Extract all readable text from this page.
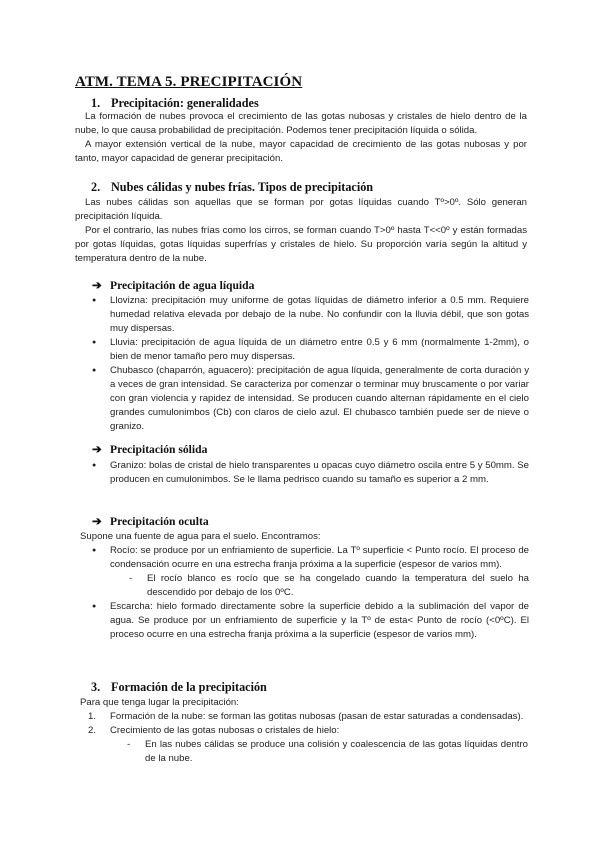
ATM. TEMA 5. PRECIPITACIÓN
1. Precipitación: generalidades

La formación de nubes provoca el crecimiento de las gotas nubosas y cristales de hielo dentro de la nube, lo que causa probabilidad de precipitación. Podemos tener precipitación líquida o sólida.

A mayor extensión vertical de la nube, mayor capacidad de crecimiento de las gotas nubosas y por tanto, mayor capacidad de generar precipitación.

2. Nubes cálidas y nubes frías. Tipos de precipitación

Las nubes cálidas son aquellas que se forman por gotas líquidas cuando Tº>0º. Sólo generan precipitación líquida.

Por el contrario, las nubes frías como los cirros, se forman cuando T>0º hasta T<<0º y están formadas por gotas líquidas, gotas líquidas superfrías y cristales de hielo. Su proporción varía según la altitud y temperatura dentro de la nube.

➔ Precipitación de agua líquida
● Llovizna: precipitación muy uniforme de gotas líquidas de diámetro inferior a 0.5 mm. Requiere humedad relativa elevada por debajo de la nube. No confundir con la lluvia débil, que son gotas muy dispersas.
● Lluvia: precipitación de agua líquida de un diámetro entre 0.5 y 6 mm (normalmente 1-2mm), o bien de menor tamaño pero muy dispersas.
● Chubasco (chaparrón, aguacero): precipitación de agua líquida, generalmente de corta duración y a veces de gran intensidad. Se caracteriza por comenzar o terminar muy bruscamente o por variar con gran violencia y rapidez de intensidad. Se producen cuando alternan rápidamente en el cielo grandes cumulonimbos (Cb) con claros de cielo azul. El chubasco también puede ser de nieve o granizo.
➔ Precipitación sólida
● Granizo: bolas de cristal de hielo transparentes u opacas cuyo diámetro oscila entre 5 y 50mm. Se producen en cumulonimbos. Se le llama pedrisco cuando su tamaño es superior a 2 mm.
➔ Precipitación oculta
Supone una fuente de agua para el suelo. Encontramos:
● Rocío: se produce por un enfriamiento de superficie. La Tº superficie < Punto rocío. El proceso de condensación ocurre en una estrecha franja próxima a la superficie (espesor de varios mm).
- El rocío blanco es rocío que se ha congelado cuando la temperatura del suelo ha descendido por debajo de los 0ºC.
● Escarcha: hielo formado directamente sobre la superficie debido a la sublimación del vapor de agua. Se produce por un enfriamiento de superficie y la Tº de esta< Punto de rocío (<0ºC). El proceso ocurre en una estrecha franja próxima a la superficie (espesor de varios mm).
3. Formación de la precipitación
Para que tenga lugar la precipitación:
1. Formación de la nube: se forman las gotitas nubosas (pasan de estar saturadas a condensadas).
2. Crecimiento de las gotas nubosas o cristales de hielo:
- En las nubes cálidas se produce una colisión y coalescencia de las gotas líquidas dentro de la nube.
